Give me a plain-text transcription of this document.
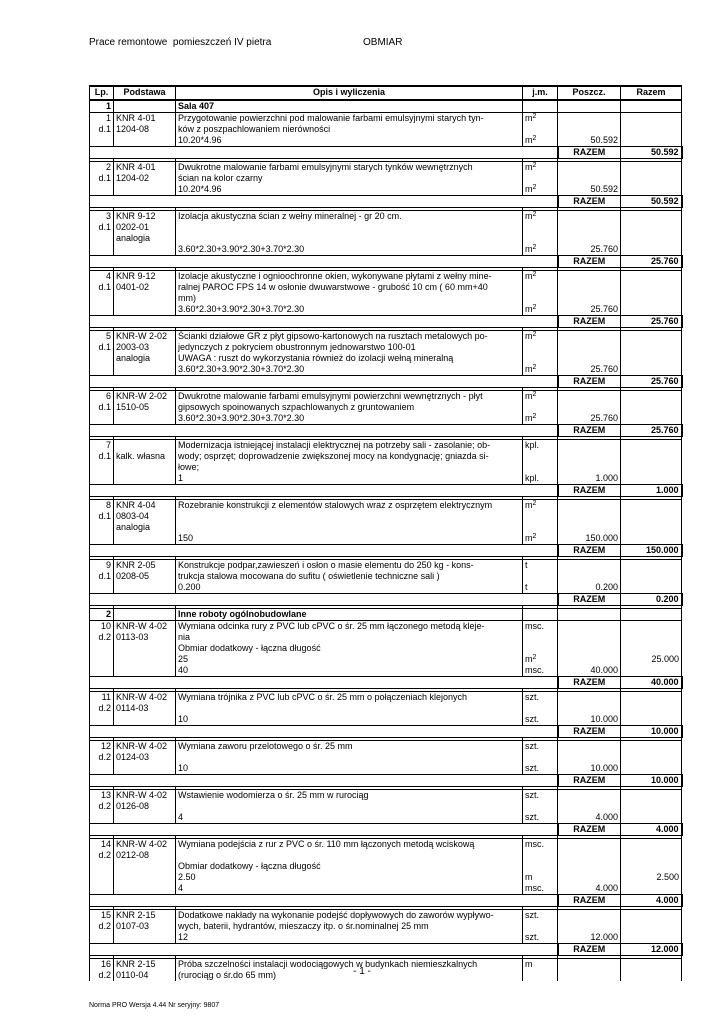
Prace remontowe  pomieszczeń IV pietra	OBMIAR
Lp.	Podstawa	Opis i wyliczenia	j.m.	Poszcz.	Razem
1		Sala 407			
1	KNR 4-01	Przygotowanie powierzchni pod malowanie farbami emulsyjnymi starych tyn-	$m^2$		
d.1	1204-08	ków z poszpachlowaniem nierówności			
		10.20*4.96	$m^2$	50.592	
				RAZEM	50.592

2	KNR 4-01	Dwukrotne malowanie farbami emulsyjnymi starych tynków wewnętrznych	$m^2$		
d.1	1204-02	ścian na kolor czarny			
		10.20*4.96	$m^2$	50.592	
				RAZEM	50.592

3	KNR 9-12	Izolacja akustyczna ścian z wełny mineralnej - gr 20 cm.	$m^2$		
d.1	0202-01				
	analogia				
		3.60*2.30+3.90*2.30+3.70*2.30	$m^2$	25.760	
				RAZEM	25.760

4	KNR 9-12	Izolacje akustyczne i ognioochronne okien, wykonywane płytami z wełny mine-	$m^2$		
d.1	0401-02	ralnej PAROC FPS 14 w osłonie dwuwarstwowe - grubość 10 cm ( 60 mm+40			
		mm)			
		3.60*2.30+3.90*2.30+3.70*2.30	$m^2$	25.760	
				RAZEM	25.760

5	KNR-W 2-02	Ścianki działowe GR z płyt gipsowo-kartonowych na rusztach metalowych po-	$m^2$		
d.1	2003-03	jedynczych z pokryciem obustronnym jednowarstwo 100-01			
	analogia	UWAGA : ruszt do wykorzystania również do izolacji wełną mineralną			
		3.60*2.30+3.90*2.30+3.70*2.30	$m^2$	25.760	
				RAZEM	25.760

6	KNR-W 2-02	Dwukrotne malowanie farbami emulsyjnymi powierzchni wewnętrznych - płyt	$m^2$		
d.1	1510-05	gipsowych spoinowanych szpachlowanych z gruntowaniem			
		3.60*2.30+3.90*2.30+3.70*2.30	$m^2$	25.760	
				RAZEM	25.760

7		Modernizacja istniejącej instalacji elektrycznej na potrzeby sali - zasolanie; ob-	kpl.		
d.1	kalk. własna	wody; osprzęt; doprowadzenie zwiększonej mocy na kondygnację; gniazda si-			
		łowe;			
		1	kpl.	1.000	
				RAZEM	1.000

8	KNR 4-04	Rozebranie konstrukcji z elementów stalowych wraz z osprzętem elektrycznym	$m^2$		
d.1	0803-04				
	analogia				
		150	$m^2$	150.000	
				RAZEM	150.000

9	KNR 2-05	Konstrukcje podpar,zawieszeń i osłon o masie elementu do 250 kg - kons-	t		
d.1	0208-05	trukcja stalowa mocowana do sufitu ( oświetlenie techniczne sali )			
		0.200	t	0.200	
				RAZEM	0.200

2		Inne roboty ogólnobudowlane			
10	KNR-W 4-02	Wymiana odcinka rury z PVC lub cPVC o śr. 25 mm łączonego metodą kleje-	msc.		
d.2	0113-03	nia			
		Obmiar dodatkowy - łączna długość			
		25	$m^2$		25.000

		40	msc.	40.000	
				RAZEM	40.000

11	KNR-W 4-02	Wymiana trójnika z PVC lub cPVC o śr. 25 mm o połączeniach klejonych	szt.		
d.2	0114-03				
		10	szt.	10.000	
				RAZEM	10.000

12	KNR-W 4-02	Wymiana zaworu przelotowego o śr. 25 mm	szt.		
d.2	0124-03				
		10	szt.	10.000	
				RAZEM	10.000

13	KNR-W 4-02	Wstawienie wodomierza o śr. 25 mm w rurociąg	szt.		
d.2	0126-08				
		4	szt.	4.000	
				RAZEM	4.000

14	KNR-W 4-02	Wymiana podejścia z rur z PVC o śr. 110 mm łączonych metodą wciskową	msc.		
d.2	0212-08				
		Obmiar dodatkowy - łączna długość			
		2.50	m		2.500

		4	msc.	4.000	
				RAZEM	4.000

15	KNR 2-15	Dodatkowe nakłady na wykonanie podejść dopływowych do zaworów wypływo-	szt.		
d.2	0107-03	wych, baterii, hydrantów, mieszaczy itp. o śr.nominalnej 25 mm			
		12	szt.	12.000	
				RAZEM	12.000

16	KNR 2-15	Próba szczelności instalacji wodociągowych w budynkach niemieszkalnych	m		
d.2	0110-04	(rurociąg o śr.do 65 mm)				- 1 -
Norma PRO Wersja 4.44 Nr seryjny: 9807
